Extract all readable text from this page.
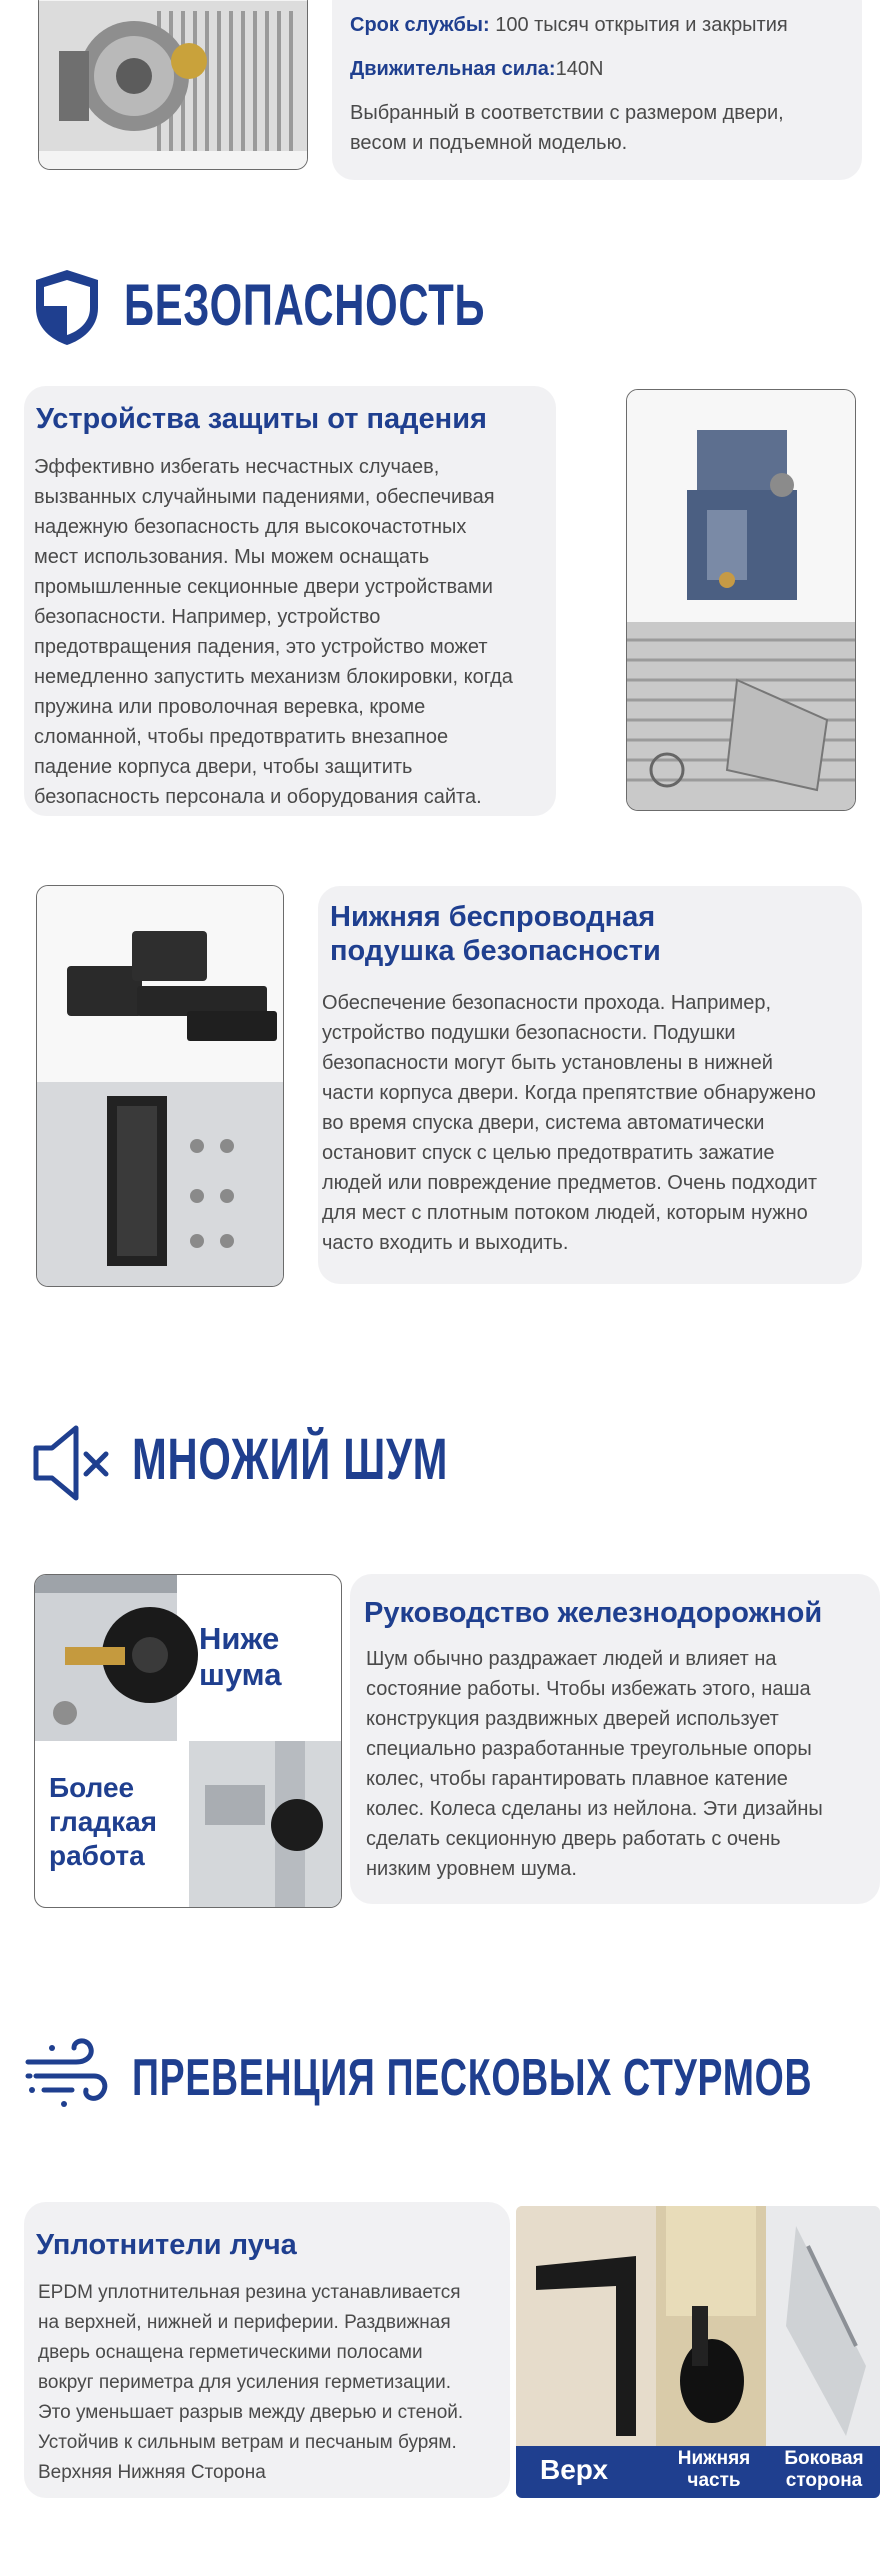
Срок службы: 100 тысяч открытия и закрытия
Движительная сила:140N
Выбранный в соответствии с размером двери, весом и подъемной моделью.
БЕЗОПАСНОСТЬ
Устройства защиты от падения
Эффективно избегать несчастных случаев,
вызванных случайными падениями, обеспечивая
надежную безопасность для высокочастотных
мест использования. Мы можем оснащать
промышленные секционные двери устройствами
безопасности. Например, устройство
предотвращения падения, это устройство может
немедленно запустить механизм блокировки, когда
пружина или проволочная веревка, кроме
сломанной, чтобы предотвратить внезапное
падение корпуса двери, чтобы защитить
безопасность персонала и оборудования сайта.
Нижняя беспроводная
подушка безопасности
Обеспечение безопасности прохода. Например,
устройство подушки безопасности. Подушки
безопасности могут быть установлены в нижней
части корпуса двери. Когда препятствие обнаружено
во время спуска двери, система автоматически
остановит спуск с целью предотвратить зажатие
людей или повреждение предметов. Очень подходит
для мест с плотным потоком людей, которым нужно
часто входить и выходить.
МНОЖИЙ ШУМ
Ниже
шума
Более
гладкая
работа
Руководство железнодорожной
Шум обычно раздражает людей и влияет на
состояние работы. Чтобы избежать этого, наша
конструкция раздвижных дверей использует
специально разработанные треугольные опоры
колес, чтобы гарантировать плавное катение
колес. Колеса сделаны из нейлона. Эти дизайны
сделать секционную дверь работать с очень
низким уровнем шума.
ПРЕВЕНЦИЯ ПЕСКОВЫХ СТУРМОВ
Уплотнители луча
EPDM уплотнительная резина устанавливается
на верхней, нижней и периферии. Раздвижная
дверь оснащена герметическими полосами
вокруг периметра для усиления герметизации.
Это уменьшает разрыв между дверью и стеной.
Устойчив к сильным ветрам и песчаным бурям.
Верхняя Нижняя Сторона	Верх	Нижняя
часть
Боковая
сторона
